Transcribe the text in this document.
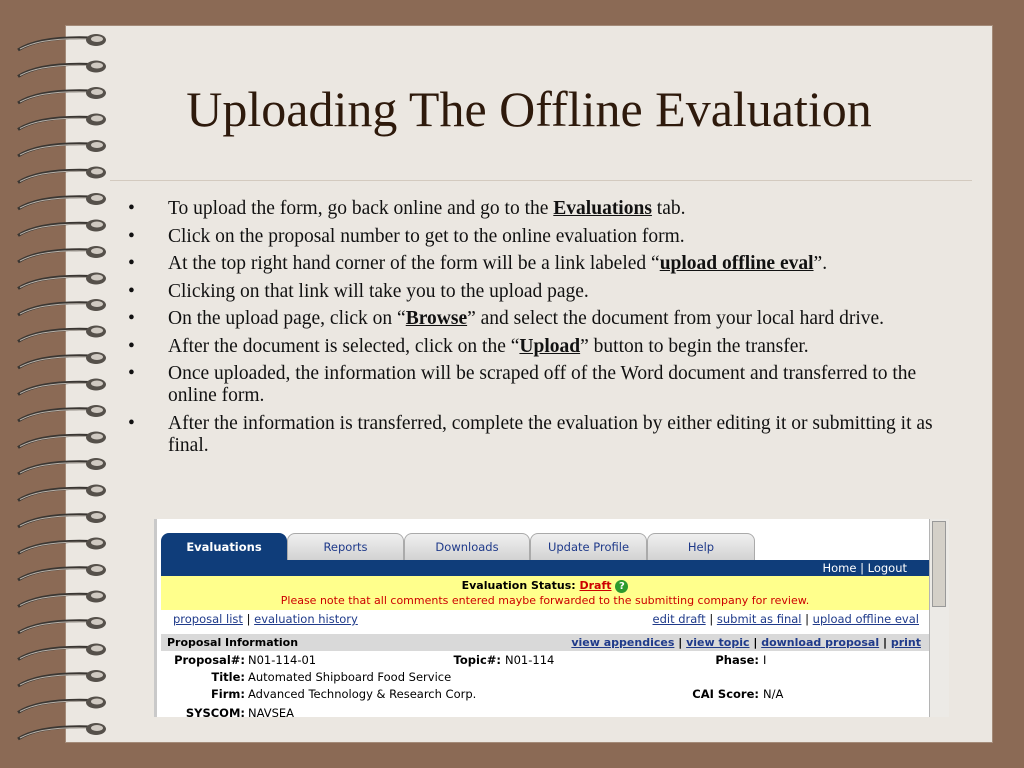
Uploading The Offline Evaluation
• To upload the form, go back online and go to the Evaluations tab.
• Click on the proposal number to get to the online evaluation form.
• At the top right hand corner of the form will be a link labeled “upload offline eval”.
• Clicking on that link will take you to the upload page.
• On the upload page, click on “Browse” and select the document from your local hard drive.
• After the document is selected, click on the “Upload” button to begin the transfer.
• Once uploaded, the information will be scraped off of the Word document and transferred to the online form.
• After the information is transferred, complete the evaluation by either editing it or submitting it as final.
Evaluations	Reports	Downloads	Update Profile	Help
Home | Logout
Evaluation Status: Draft ?
Please note that all comments entered maybe forwarded to the submitting company for review.
proposal list | evaluation history	edit draft | submit as final | upload offline eval
Proposal Information	view appendices | view topic | download proposal | print
Proposal#: N01-114-01	Topic#: N01-114	Phase: I
Title: Automated Shipboard Food Service
Firm: Advanced Technology & Research Corp.	CAI Score: N/A
SYSCOM: NAVSEA
